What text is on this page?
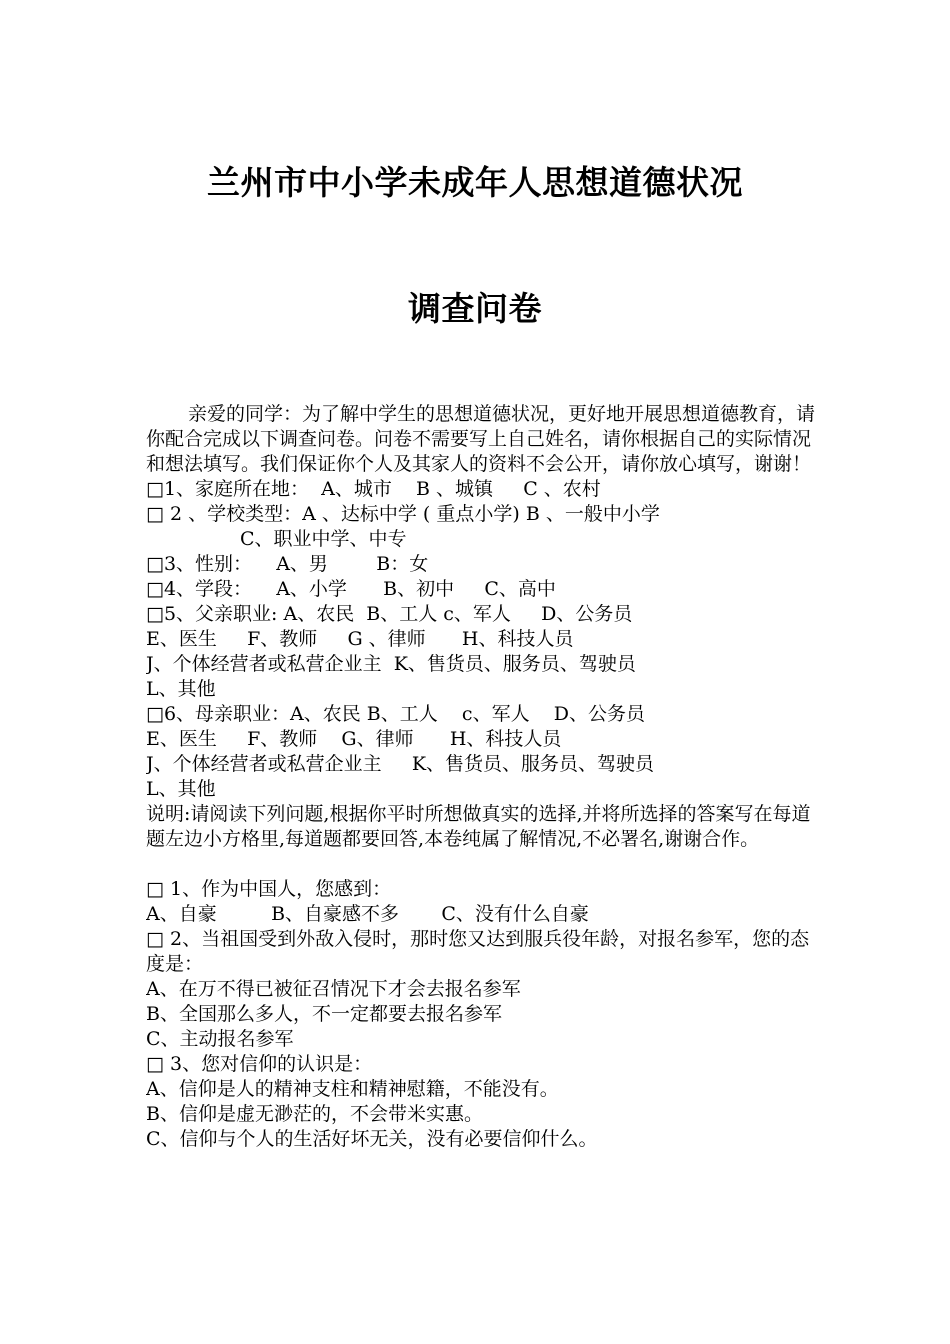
兰州市中小学未成年人思想道德状况
调查问卷
亲爱的同学：为了解中学生的思想道德状况，更好地开展思想道德教育，请你配合完成以下调查问卷。问卷不需要写上自己姓名，请你根据自己的实际情况和想法填写。我们保证你个人及其家人的资料不会公开，请你放心填写，谢谢！
□1、家庭所在地：  A、城市    B 、城镇     C 、农村
□ 2 、学校类型：A 、达标中学 ( 重点小学) B 、一般中小学
C、职业中学、中专
□3、性别：    A、男        B：女
□4、学段：    A、小学      B、初中     C、高中
□5、父亲职业: A、农民  B、工人 c、军人     D、公务员
E、医生     F、教师     G 、律师      H、科技人员
J、个体经营者或私营企业主  K、售货员、服务员、驾驶员
L、其他
□6、母亲职业：A、农民 B、工人    c、军人    D、公务员
E、医生     F、教师    G、律师      H、科技人员
J、个体经营者或私营企业主     K、售货员、服务员、驾驶员
L、其他
说明:请阅读下列问题,根据你平时所想做真实的选择,并将所选择的答案写在每道题左边小方格里,每道题都要回答,本卷纯属了解情况,不必署名,谢谢合作。
□ 1、作为中国人，您感到：
A、自豪         B、自豪感不多       C、没有什么自豪
□ 2、当祖国受到外敌入侵时，那时您又达到服兵役年龄，对报名参军，您的态度是：
A、在万不得已被征召情况下才会去报名参军
B、全国那么多人，不一定都要去报名参军
C、主动报名参军
□ 3、您对信仰的认识是：
A、信仰是人的精神支柱和精神慰籍，不能没有。
B、信仰是虚无渺茫的，不会带米实惠。
C、信仰与个人的生活好坏无关，没有必要信仰什么。
